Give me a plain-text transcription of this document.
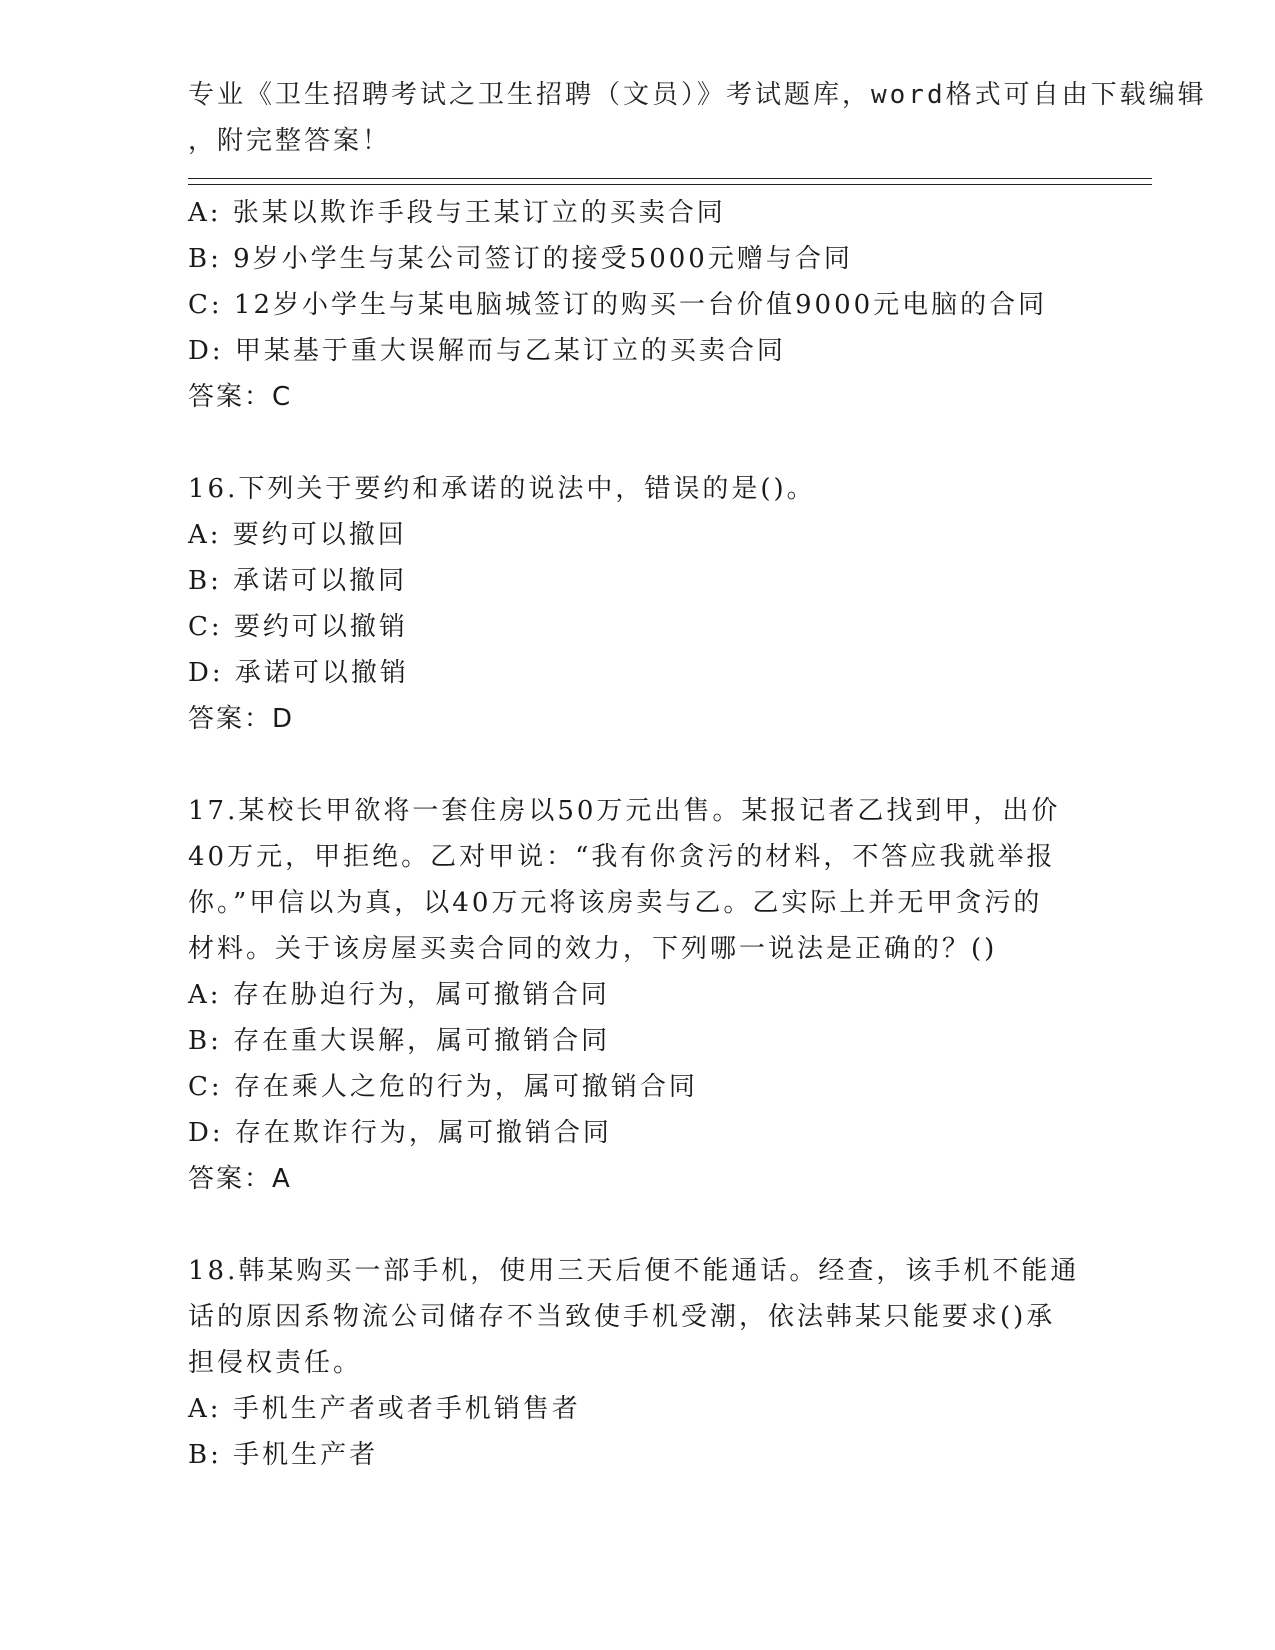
专业《卫生招聘考试之卫生招聘（文员）》考试题库，word格式可自由下载编辑
，附完整答案！
A: 张某以欺诈手段与王某订立的买卖合同
B: 9岁小学生与某公司签订的接受5000元赠与合同
C: 12岁小学生与某电脑城签订的购买一台价值9000元电脑的合同
D: 甲某基于重大误解而与乙某订立的买卖合同
答案：C
16.下列关于要约和承诺的说法中，错误的是()。
A: 要约可以撤回
B: 承诺可以撤同
C: 要约可以撤销
D: 承诺可以撤销
答案：D
17.某校长甲欲将一套住房以50万元出售。某报记者乙找到甲，出价
40万元，甲拒绝。乙对甲说：“我有你贪污的材料，不答应我就举报
你。”甲信以为真，以40万元将该房卖与乙。乙实际上并无甲贪污的
材料。关于该房屋买卖合同的效力，下列哪一说法是正确的？()
A: 存在胁迫行为，属可撤销合同
B: 存在重大误解，属可撤销合同
C: 存在乘人之危的行为，属可撤销合同
D: 存在欺诈行为，属可撤销合同
答案：A
18.韩某购买一部手机，使用三天后便不能通话。经查，该手机不能通
话的原因系物流公司储存不当致使手机受潮，依法韩某只能要求()承
担侵权责任。
A: 手机生产者或者手机销售者
B: 手机生产者
